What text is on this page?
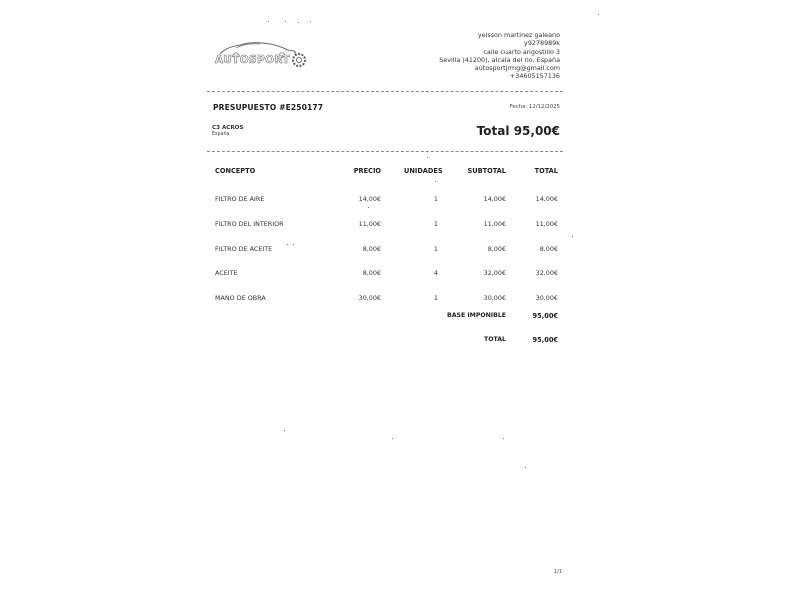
AUTOSPORT
yeisson martinez galeano
y9278989k
calle cuarto angostillo 3
Sevilla (41200), alcala del rio, España
autosportjrmg@gmail.com
+34605157136
PRESUPUESTO #E250177	Fecha: 12/12/2025
C3 ACROS
España	Total 95,00€
CONCEPTO	PRECIO	UNIDADES	SUBTOTAL	TOTAL
FILTRO DE AIRE	14,00€	1	14,00€	14,00€
FILTRO DEL INTERIOR	11,00€	1	11,00€	11,00€
FILTRO DE ACEITE	8,00€	1	8,00€	8,00€
ACEITE	8,00€	4	32,00€	32,00€
MANO DE OBRA	30,00€	1	30,00€	30,00€
BASE IMPONIBLE	95,00€
TOTAL	95,00€
1/1
